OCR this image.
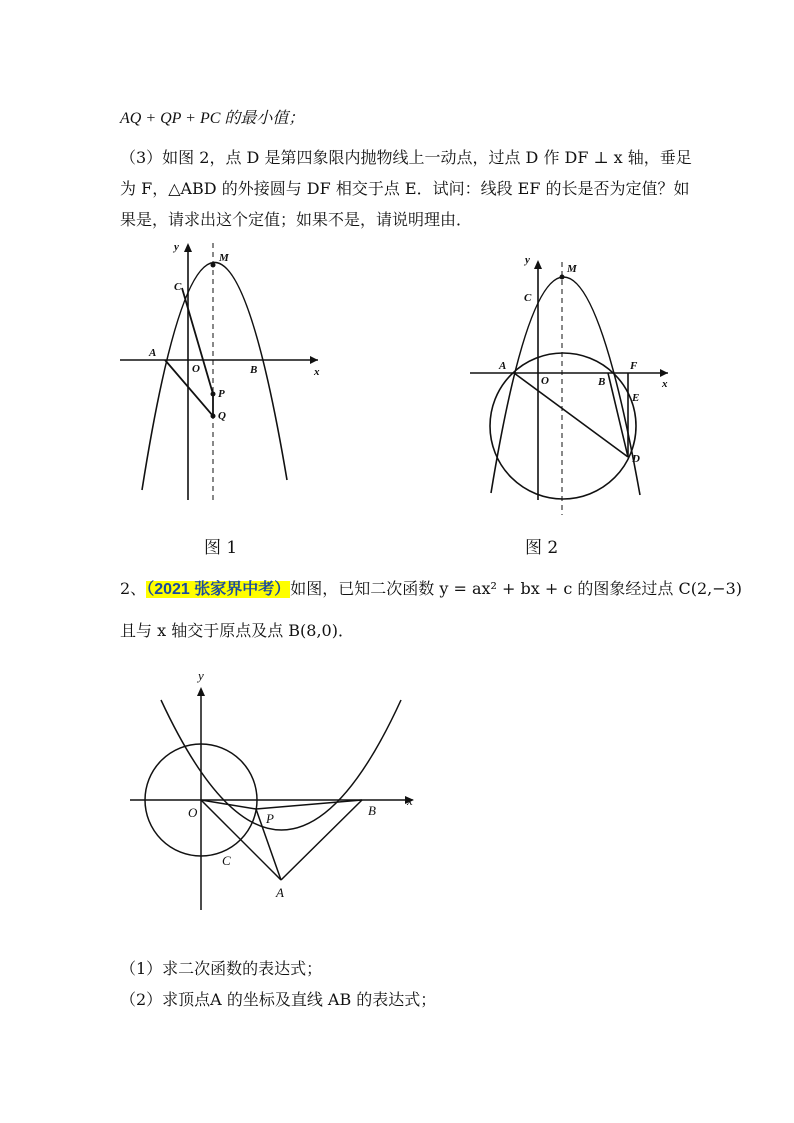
AQ + QP + PC 的最小值；
（3）如图 2，点 D 是第四象限内抛物线上一动点，过点 D 作 DF ⊥ x 轴，垂足
为 F，△ABD 的外接圆与 DF 相交于点 E．试问：线段 EF 的长是否为定值？如
果是，请求出这个定值；如果不是，请说明理由．
y
x
O
A
B
C
M
P
Q
y
x
O
A
B
C
M
F
E
D
y
x
O
A
B
C
P
图 1	图 2
2、（2021 张家界中考）如图，已知二次函数 y = ax² + bx + c 的图象经过点 C(2,−3)
且与 x 轴交于原点及点 B(8,0)．
（1）求二次函数的表达式；
（2）求顶点A 的坐标及直线 AB 的表达式；
